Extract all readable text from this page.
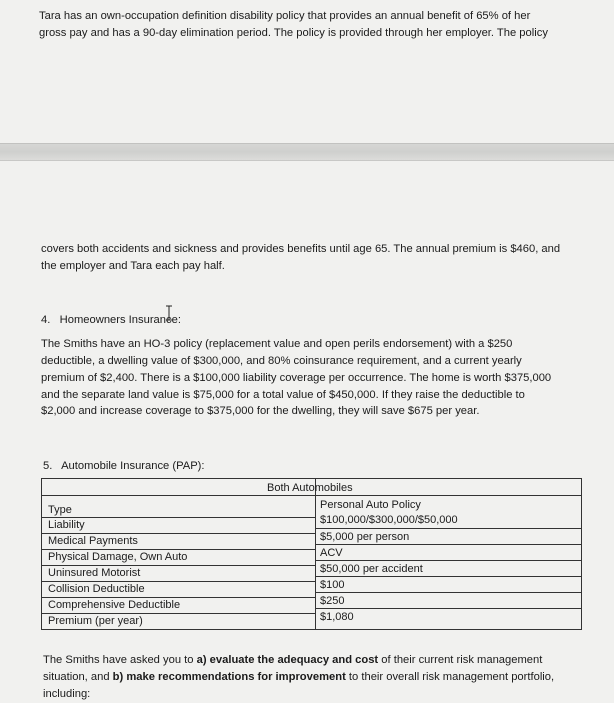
Tara has an own-occupation definition disability policy that provides an annual benefit of 65% of her

gross pay and has a 90-day elimination period. The policy is provided through her employer. The policy

covers both accidents and sickness and provides benefits until age 65. The annual premium is $460, and

the employer and Tara each pay half.

4. Homeowners Insurance:

The Smiths have an HO-3 policy (replacement value and open perils endorsement) with a $250

deductible, a dwelling value of $300,000, and 80% coinsurance requirement, and a current yearly

premium of $2,400. There is a $100,000 liability coverage per occurrence. The home is worth $375,000

and the separate land value is $75,000 for a total value of $450,000. If they raise the deductible to

$2,000 and increase coverage to $375,000 for the dwelling, they will save $675 per year.

5. Automobile Insurance (PAP):

Both Automobiles
Type	Personal Auto Policy
Liability	$100,000/$300,000/$50,000
Medical Payments	$5,000 per person
Physical Damage, Own Auto	ACV
Uninsured Motorist	$50,000 per accident
Collision Deductible	$100
Comprehensive Deductible	$250
Premium (per year)	$1,080

The Smiths have asked you to a) evaluate the adequacy and cost of their current risk management

situation, and b) make recommendations for improvement to their overall risk management portfolio,

including:
